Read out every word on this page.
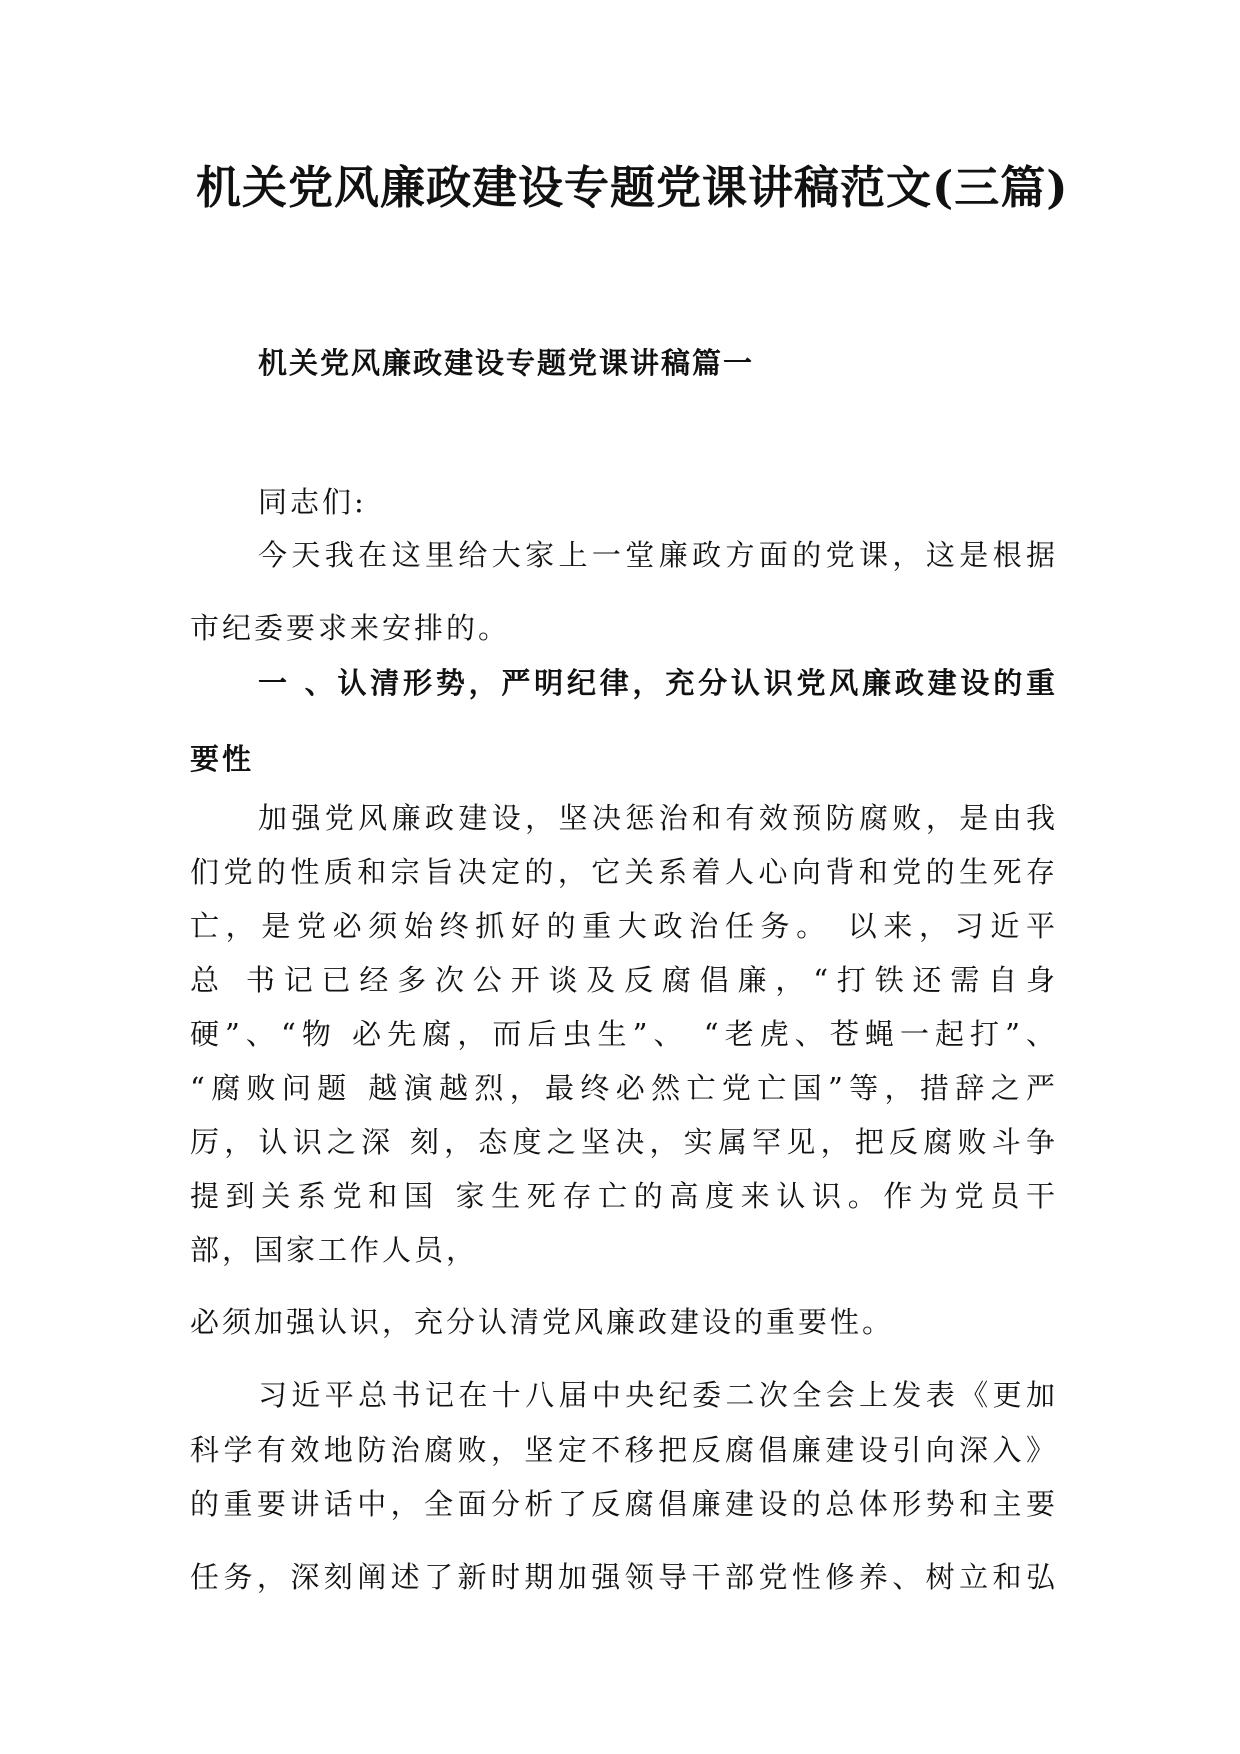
机关党风廉政建设专题党课讲稿范文(三篇)
机关党风廉政建设专题党课讲稿篇一

同志们:

今天我在这里给大家上一堂廉政方面的党课，这是根据

市纪委要求来安排的。

一 、认清形势，严明纪律，充分认识党风廉政建设的重

要性

加强党风廉政建设，坚决惩治和有效预防腐败，是由我

们党的性质和宗旨决定的，它关系着人心向背和党的生死存

亡，是党必须始终抓好的重大政治任务。 以来，习近平

总 书记已经多次公开谈及反腐倡廉，“打铁还需自身

硬”、“物 必先腐，而后虫生”、 “老虎、苍蝇一起打”、

“腐败问题 越演越烈，最终必然亡党亡国”等，措辞之严

厉，认识之深 刻，态度之坚决，实属罕见，把反腐败斗争

提到关系党和国 家生死存亡的高度来认识。作为党员干

部，国家工作人员，

必须加强认识，充分认清党风廉政建设的重要性。

习近平总书记在十八届中央纪委二次全会上发表《更加

科学有效地防治腐败，坚定不移把反腐倡廉建设引向深入》

的重要讲话中，全面分析了反腐倡廉建设的总体形势和主要

任务，深刻阐述了新时期加强领导干部党性修养、树立和弘
